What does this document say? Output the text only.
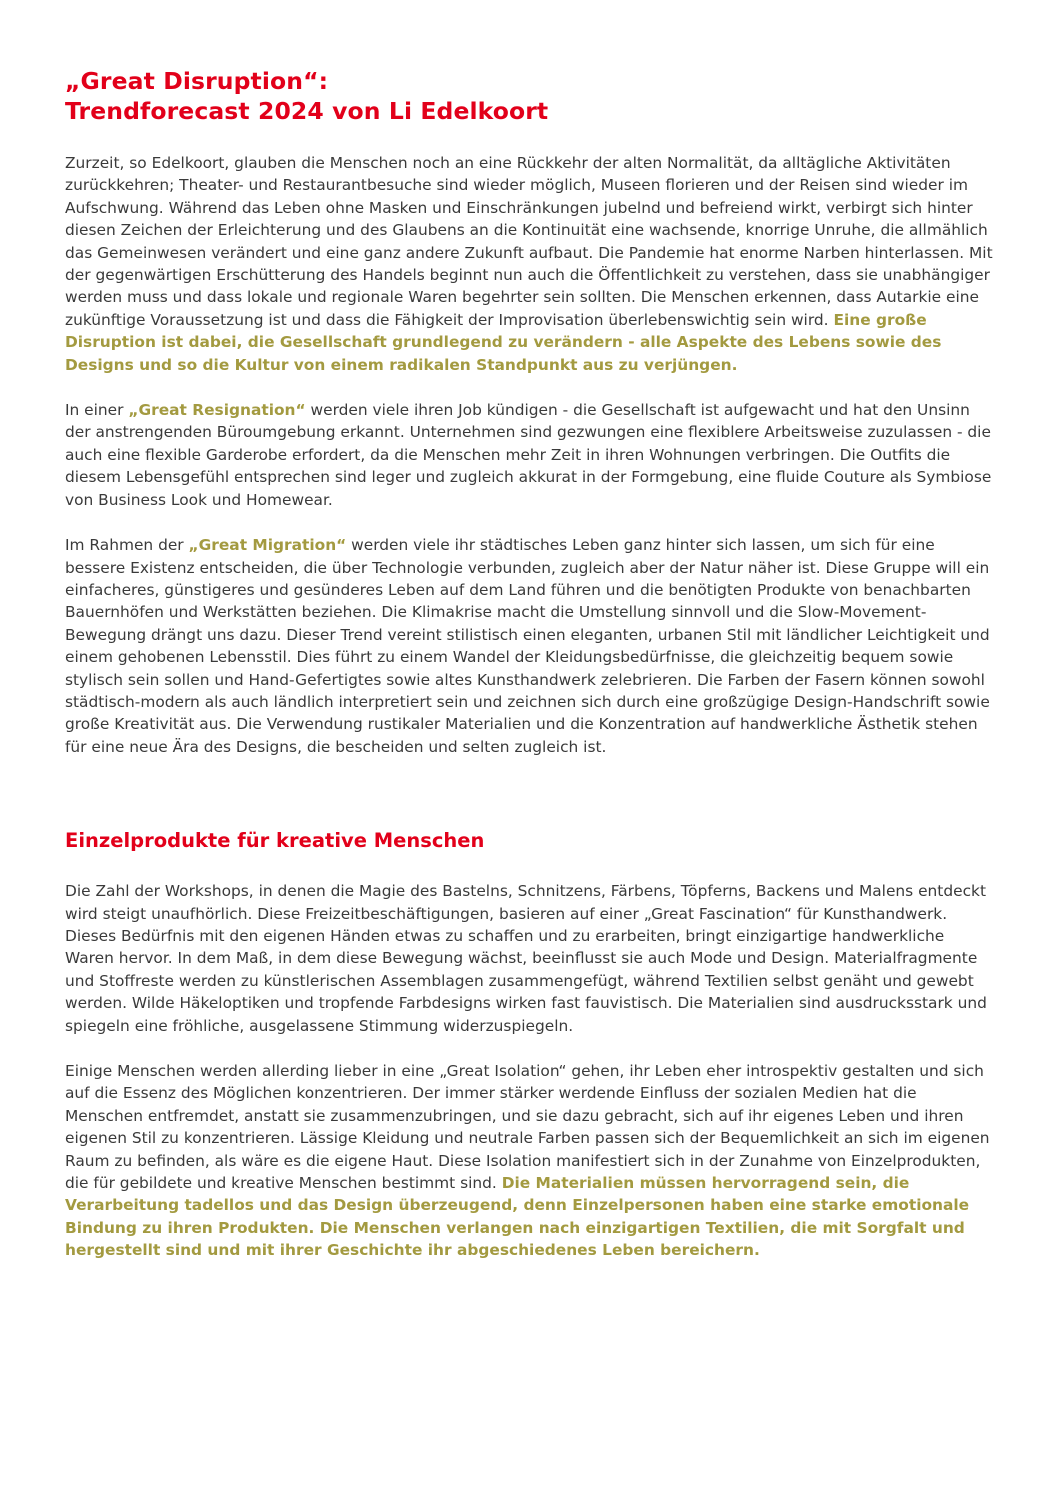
„Great Disruption“:
Trendforecast 2024 von Li Edelkoort

Zurzeit, so Edelkoort, glauben die Menschen noch an eine Rückkehr der alten Normalität, da alltägliche Aktivitäten zurückkehren; Theater- und Restaurantbesuche sind wieder möglich, Museen florieren und der Reisen sind wieder im Aufschwung. Während das Leben ohne Masken und Einschränkungen jubelnd und befreiend wirkt, verbirgt sich hinter diesen Zeichen der Erleichterung und des Glaubens an die Kontinuität eine wachsende, knorrige Unruhe, die allmählich das Gemeinwesen verändert und eine ganz andere Zukunft aufbaut. Die Pandemie hat enorme Narben hinterlassen. Mit der gegenwärtigen Erschütterung des Handels beginnt nun auch die Öffentlichkeit zu verstehen, dass sie unabhängiger werden muss und dass lokale und regionale Waren begehrter sein sollten. Die Menschen erkennen, dass Autarkie eine zukünftige Voraussetzung ist und dass die Fähigkeit der Improvisation überlebenswichtig sein wird. Eine große Disruption ist dabei, die Gesellschaft grundlegend zu verändern - alle Aspekte des Lebens sowie des Designs und so die Kultur von einem radikalen Standpunkt aus zu verjüngen.

In einer „Great Resignation“ werden viele ihren Job kündigen - die Gesellschaft ist aufgewacht und hat den Unsinn der anstrengenden Büroumgebung erkannt. Unternehmen sind gezwungen eine flexiblere Arbeitsweise zuzulassen - die auch eine flexible Garderobe erfordert, da die Menschen mehr Zeit in ihren Wohnungen verbringen. Die Outfits die diesem Lebensgefühl entsprechen sind leger und zugleich akkurat in der Formgebung, eine fluide Couture als Symbiose von Business Look und Homewear.

Im Rahmen der „Great Migration“ werden viele ihr städtisches Leben ganz hinter sich lassen, um sich für eine bessere Existenz entscheiden, die über Technologie verbunden, zugleich aber der Natur näher ist. Diese Gruppe will ein einfacheres, günstigeres und gesünderes Leben auf dem Land führen und die benötigten Produkte von benachbarten Bauernhöfen und Werkstätten beziehen. Die Klimakrise macht die Umstellung sinnvoll und die Slow-Movement-Bewegung drängt uns dazu. Dieser Trend vereint stilistisch einen eleganten, urbanen Stil mit ländlicher Leichtigkeit und einem gehobenen Lebensstil. Dies führt zu einem Wandel der Kleidungsbedürfnisse, die gleichzeitig bequem sowie stylisch sein sollen und Hand-Gefertigtes sowie altes Kunsthandwerk zelebrieren. Die Farben der Fasern können sowohl städtisch-modern als auch ländlich interpretiert sein und zeichnen sich durch eine großzügige Design-Handschrift sowie große Kreativität aus. Die Verwendung rustikaler Materialien und die Konzentration auf handwerkliche Ästhetik stehen für eine neue Ära des Designs, die bescheiden und selten zugleich ist.

Einzelprodukte für kreative Menschen

Die Zahl der Workshops, in denen die Magie des Bastelns, Schnitzens, Färbens, Töpferns, Backens und Malens entdeckt wird steigt unaufhörlich. Diese Freizeitbeschäftigungen, basieren auf einer „Great Fascination“ für Kunsthandwerk. Dieses Bedürfnis mit den eigenen Händen etwas zu schaffen und zu erarbeiten, bringt einzigartige handwerkliche Waren hervor. In dem Maß, in dem diese Bewegung wächst, beeinflusst sie auch Mode und Design. Materialfragmente und Stoffreste werden zu künstlerischen Assemblagen zusammengefügt, während Textilien selbst genäht und gewebt werden. Wilde Häkeloptiken und tropfende Farbdesigns wirken fast fauvistisch. Die Materialien sind ausdrucksstark und spiegeln eine fröhliche, ausgelassene Stimmung widerzuspiegeln.

Einige Menschen werden allerding lieber in eine „Great Isolation“ gehen, ihr Leben eher introspektiv gestalten und sich auf die Essenz des Möglichen konzentrieren. Der immer stärker werdende Einfluss der sozialen Medien hat die Menschen entfremdet, anstatt sie zusammenzubringen, und sie dazu gebracht, sich auf ihr eigenes Leben und ihren eigenen Stil zu konzentrieren. Lässige Kleidung und neutrale Farben passen sich der Bequemlichkeit an sich im eigenen Raum zu befinden, als wäre es die eigene Haut. Diese Isolation manifestiert sich in der Zunahme von Einzelprodukten, die für gebildete und kreative Menschen bestimmt sind. Die Materialien müssen hervorragend sein, die Verarbeitung tadellos und das Design überzeugend, denn Einzelpersonen haben eine starke emotionale Bindung zu ihren Produkten. Die Menschen verlangen nach einzigartigen Textilien, die mit Sorgfalt und hergestellt sind und mit ihrer Geschichte ihr abgeschiedenes Leben bereichern.
